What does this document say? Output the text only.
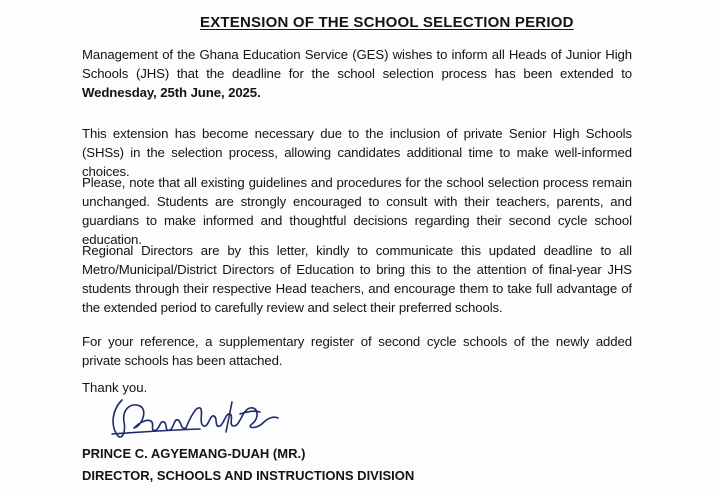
EXTENSION OF THE SCHOOL SELECTION PERIOD

Management of the Ghana Education Service (GES) wishes to inform all Heads of Junior High Schools (JHS) that the deadline for the school selection process has been extended to Wednesday, 25th June, 2025.

This extension has become necessary due to the inclusion of private Senior High Schools (SHSs) in the selection process, allowing candidates additional time to make well-informed choices.

Please, note that all existing guidelines and procedures for the school selection process remain unchanged. Students are strongly encouraged to consult with their teachers, parents, and guardians to make informed and thoughtful decisions regarding their second cycle school education.

Regional Directors are by this letter, kindly to communicate this updated deadline to all Metro/Municipal/District Directors of Education to bring this to the attention of final-year JHS students through their respective Head teachers, and encourage them to take full advantage of the extended period to carefully review and select their preferred schools.

For your reference, a supplementary register of second cycle schools of the newly added private schools has been attached.

Thank you.
PRINCE C. AGYEMANG-DUAH (MR.)
DIRECTOR, SCHOOLS AND INSTRUCTIONS DIVISION
